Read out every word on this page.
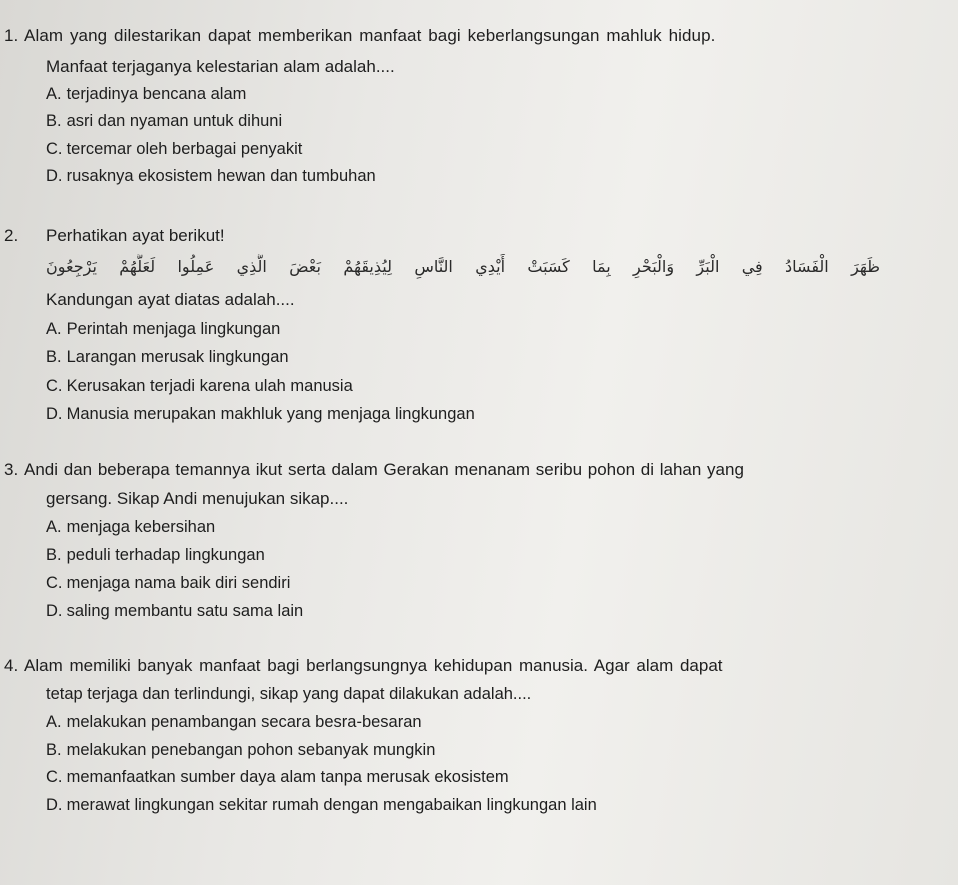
1. Alam yang dilestarikan dapat memberikan manfaat bagi keberlangsungan mahluk hidup.
Manfaat terjaganya kelestarian alam adalah....
A. terjadinya bencana alam
B. asri dan nyaman untuk dihuni
C. tercemar oleh berbagai penyakit
D. rusaknya ekosistem hewan dan tumbuhan
2. Perhatikan ayat berikut!
ظَهَرَ الْفَسَادُ فِي الْبَرِّ وَالْبَحْرِ بِمَا كَسَبَتْ أَيْدِي النَّاسِ لِيُذِيقَهُمْ بَعْضَ الَّذِي عَمِلُوا لَعَلَّهُمْ يَرْجِعُونَ
Kandungan ayat diatas adalah....
A. Perintah menjaga lingkungan
B. Larangan merusak lingkungan
C. Kerusakan terjadi karena ulah manusia
D. Manusia merupakan makhluk yang menjaga lingkungan
3. Andi dan beberapa temannya ikut serta dalam Gerakan menanam seribu pohon di lahan yang
gersang. Sikap Andi menujukan sikap....
A. menjaga kebersihan
B. peduli terhadap lingkungan
C. menjaga nama baik diri sendiri
D. saling membantu satu sama lain
4. Alam memiliki banyak manfaat bagi berlangsungnya kehidupan manusia. Agar alam dapat
tetap terjaga dan terlindungi, sikap yang dapat dilakukan adalah....
A. melakukan penambangan secara besra-besaran
B. melakukan penebangan pohon sebanyak mungkin
C. memanfaatkan sumber daya alam tanpa merusak ekosistem
D. merawat lingkungan sekitar rumah dengan mengabaikan lingkungan lain
